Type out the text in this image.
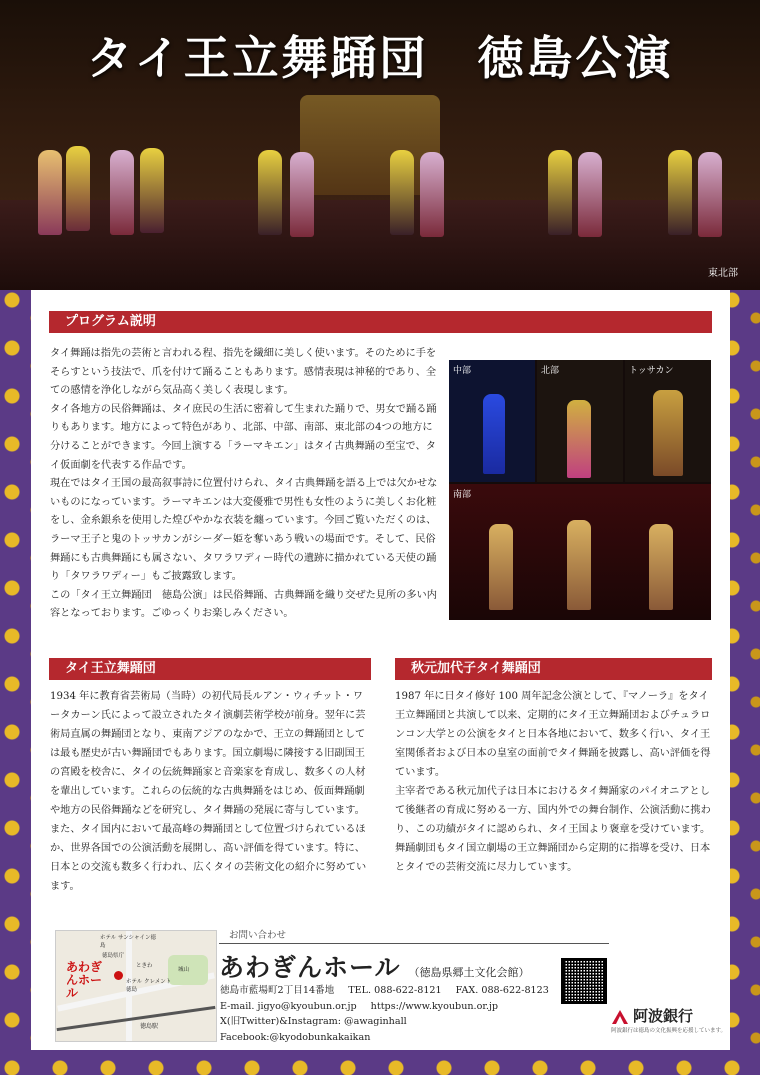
タイ王立舞踊団　徳島公演
東北部
プログラム説明

タイ舞踊は指先の芸術と言われる程、指先を繊細に美しく使います。そのために手をそらすという技法で、爪を付けて踊ることもあります。感情表現は神秘的であり、全ての感情を浄化しながら気品高く美しく表現します。

タイ各地方の民俗舞踊は、タイ庶民の生活に密着して生まれた踊りで、男女で踊る踊りもあります。地方によって特色があり、北部、中部、南部、東北部の4つの地方に分けることができます。今回上演する「ラーマキエン」はタイ古典舞踊の至宝で、タイ仮面劇を代表する作品です。

現在ではタイ王国の最高叙事詩に位置付けられ、タイ古典舞踊を語る上では欠かせないものになっています。ラーマキエンは大変優雅で男性も女性のように美しくお化粧をし、金糸銀糸を使用した煌びやかな衣装を纏っています。今回ご覧いただくのは、ラーマ王子と鬼のトッサカンがシーダー姫を奪いあう戦いの場面です。そして、民俗舞踊にも古典舞踊にも属さない、タワラワディー時代の遺跡に描かれている天使の踊り「タワラワディー」もご披露致します。

この「タイ王立舞踊団　徳島公演」は民俗舞踊、古典舞踊を織り交ぜた見所の多い内容となっております。ごゆっくりお楽しみください。

中部	北部	トッサカン
南部
タイ王立舞踊団

1934 年に教育省芸術局（当時）の初代局長ルアン・ウィチット・ワータカーン氏によって設立されたタイ演劇芸術学校が前身。翌年に芸術局直属の舞踊団となり、東南アジアのなかで、王立の舞踊団としては最も歴史が古い舞踊団でもあります。国立劇場に隣接する旧副国王の宮殿を校舎に、タイの伝統舞踊家と音楽家を育成し、数多くの人材を輩出しています。これらの伝統的な古典舞踊をはじめ、仮面舞踊劇や地方の民俗舞踊などを研究し、タイ舞踊の発展に寄与しています。また、タイ国内において最高峰の舞踊団として位置づけられているほか、世界各国での公演活動を展開し、高い評価を得ています。特に、日本との交流も数多く行われ、広くタイの芸術文化の紹介に努めています。

秋元加代子タイ舞踊団

1987 年に日タイ修好 100 周年記念公演として、『マノーラ』をタイ王立舞踊団と共演して以来、定期的にタイ王立舞踊団およびチュラロンコン大学との公演をタイと日本各地において、数多く行い、タイ王室関係者および日本の皇室の面前でタイ舞踊を披露し、高い評価を得ています。

主宰者である秋元加代子は日本におけるタイ舞踊家のパイオニアとして後継者の育成に努める一方、国内外での舞台制作、公演活動に携わり、この功績がタイに認められ、タイ王国より褒章を受けています。舞踊劇団もタイ国立劇場の王立舞踊団から定期的に指導を受け、日本とタイでの芸術交流に尽力しています。

あわぎんホール
ホテル サンシャイン徳島
徳島県庁
ときわ
ホテル クレメント徳島
城山
徳島駅
お問い合わせ
あわぎんホール （徳島県郷土文化会館）
徳島市藍場町2丁目14番地 TEL. 088-622-8121 FAX. 088-622-8123
E-mail. jigyo@kyoubun.or.jp https://www.kyoubun.or.jp
X(旧Twitter)&Instagram: @awaginhall
Facebook:@kyodobunkakaikan
阿波銀行
阿波銀行は徳島の文化振興を応援しています。
